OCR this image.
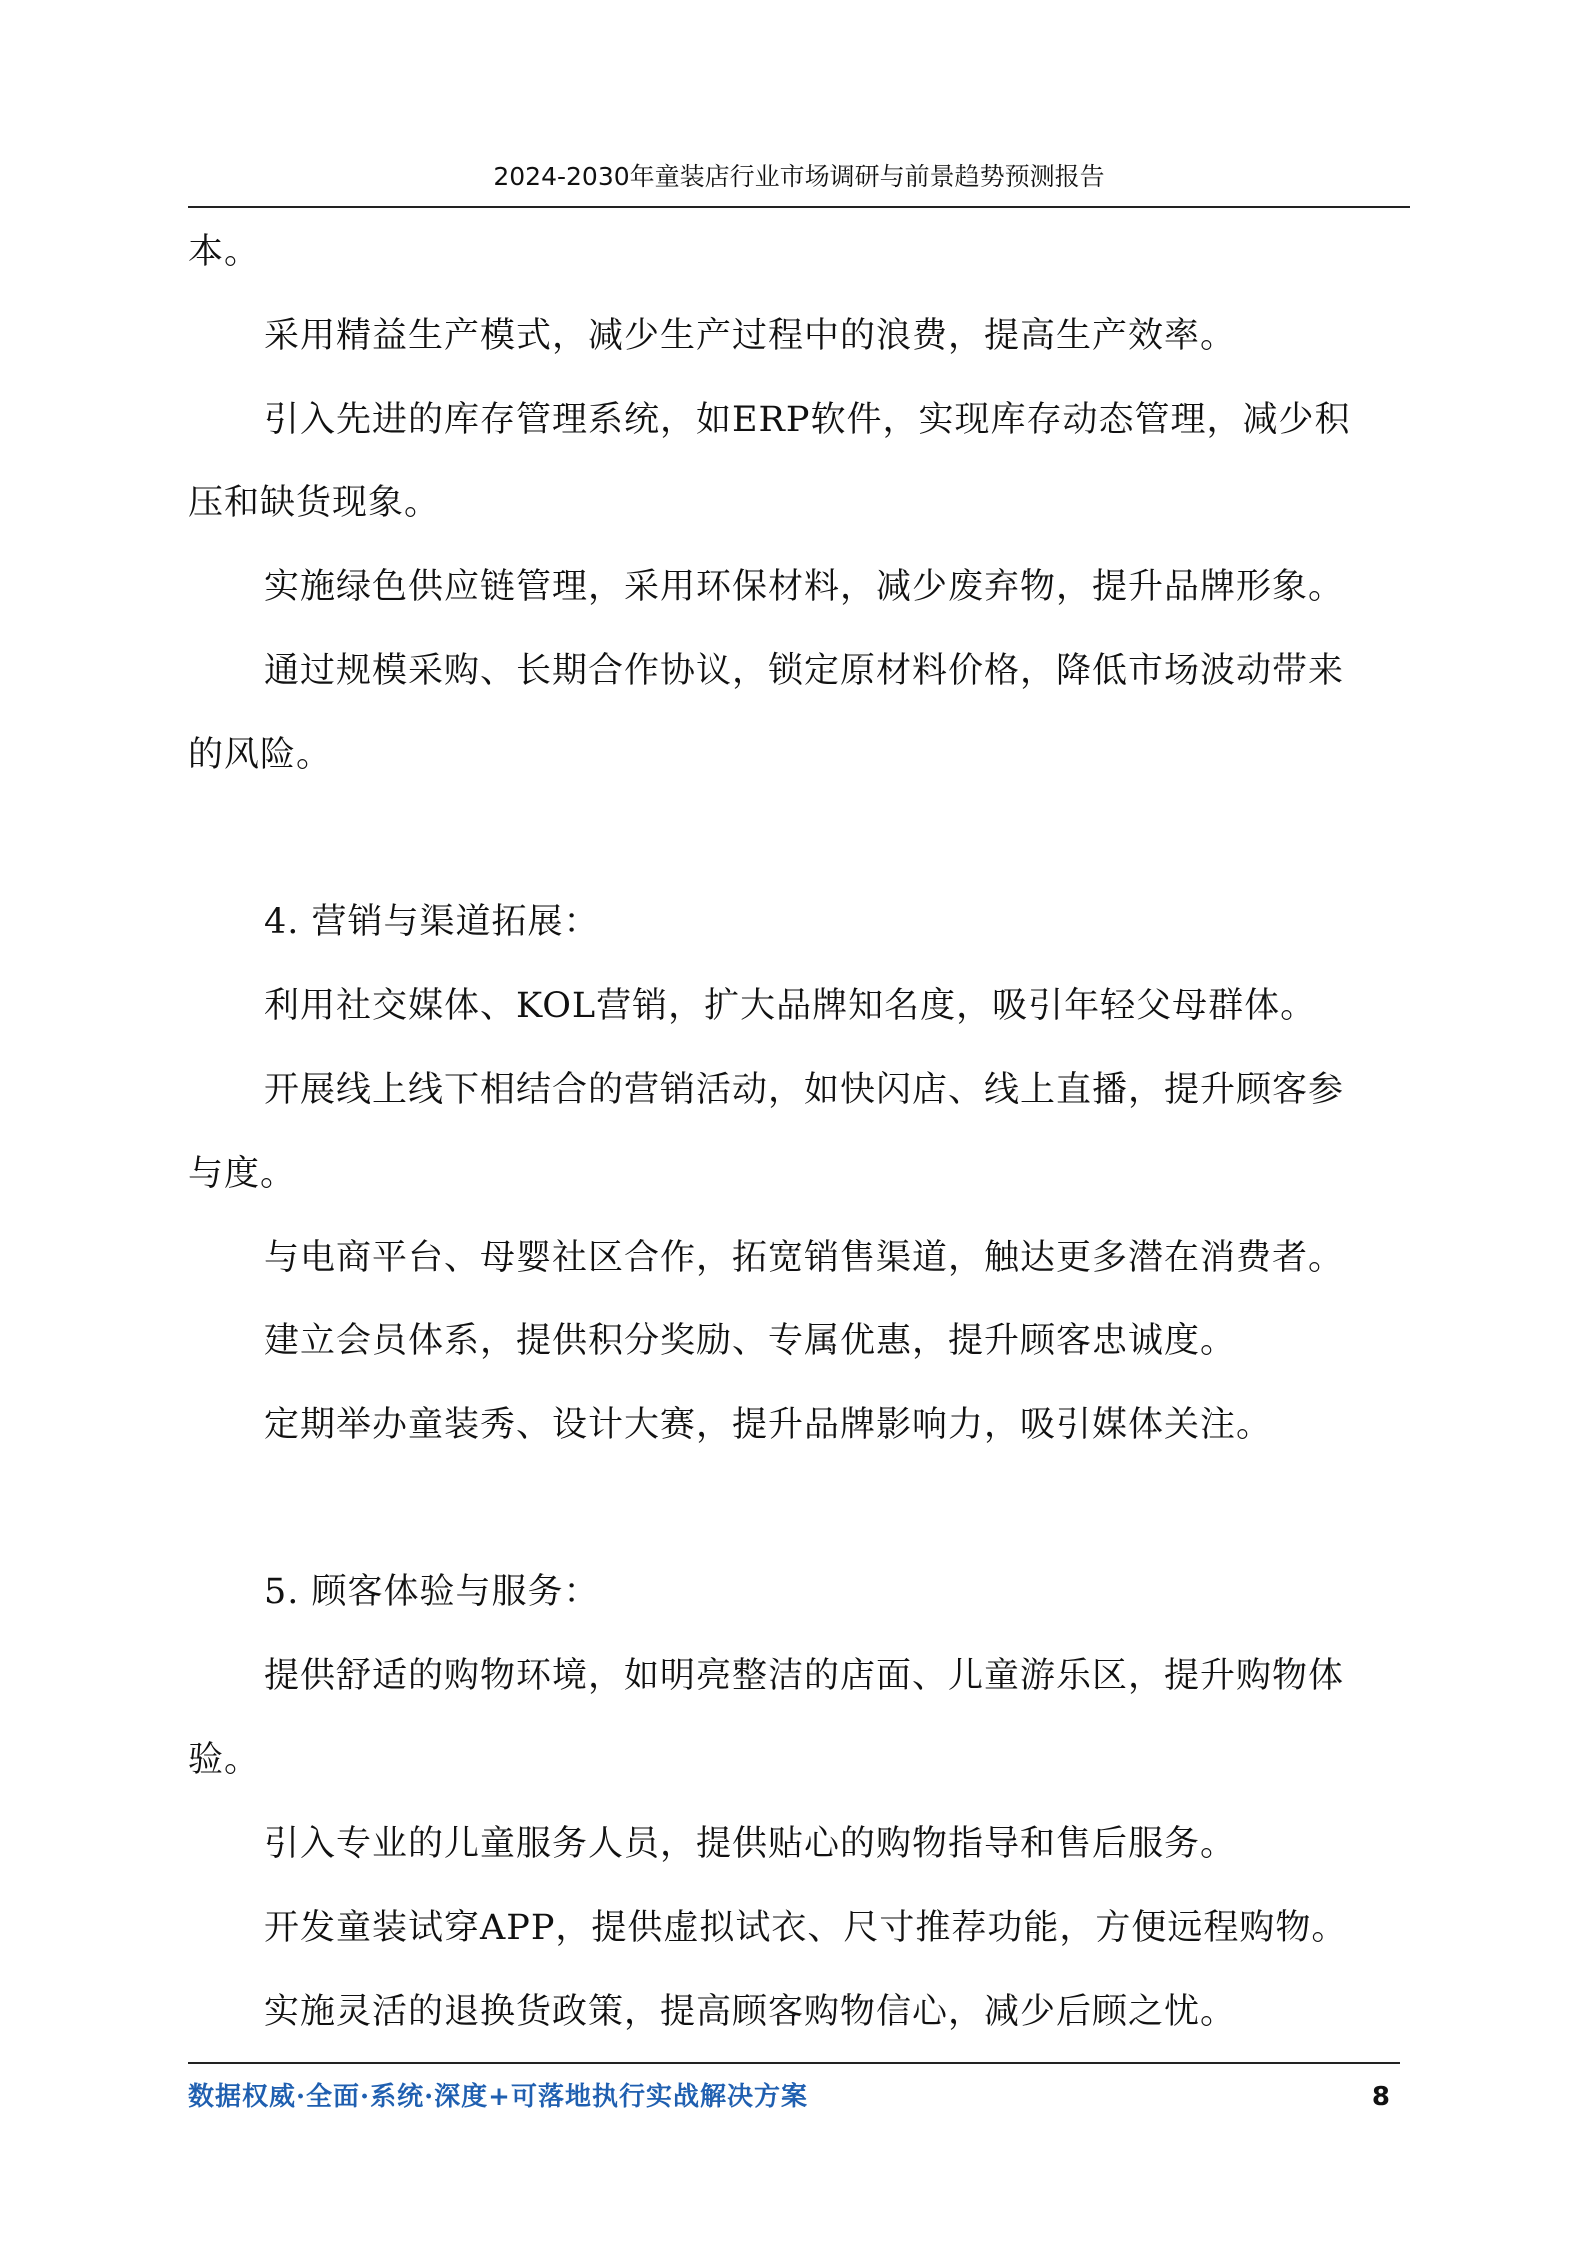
2024-2030年童装店行业市场调研与前景趋势预测报告
本。
采用精益生产模式，减少生产过程中的浪费，提高生产效率。
引入先进的库存管理系统，如ERP软件，实现库存动态管理，减少积
压和缺货现象。
实施绿色供应链管理，采用环保材料，减少废弃物，提升品牌形象。
通过规模采购、长期合作协议，锁定原材料价格，降低市场波动带来
的风险。
4. 营销与渠道拓展：
利用社交媒体、KOL营销，扩大品牌知名度，吸引年轻父母群体。
开展线上线下相结合的营销活动，如快闪店、线上直播，提升顾客参
与度。
与电商平台、母婴社区合作，拓宽销售渠道，触达更多潜在消费者。
建立会员体系，提供积分奖励、专属优惠，提升顾客忠诚度。
定期举办童装秀、设计大赛，提升品牌影响力，吸引媒体关注。
5. 顾客体验与服务：
提供舒适的购物环境，如明亮整洁的店面、儿童游乐区，提升购物体
验。
引入专业的儿童服务人员，提供贴心的购物指导和售后服务。
开发童装试穿APP，提供虚拟试衣、尺寸推荐功能，方便远程购物。
实施灵活的退换货政策，提高顾客购物信心，减少后顾之忧。
数据权威·全面·系统·深度+可落地执行实战解决方案	8
